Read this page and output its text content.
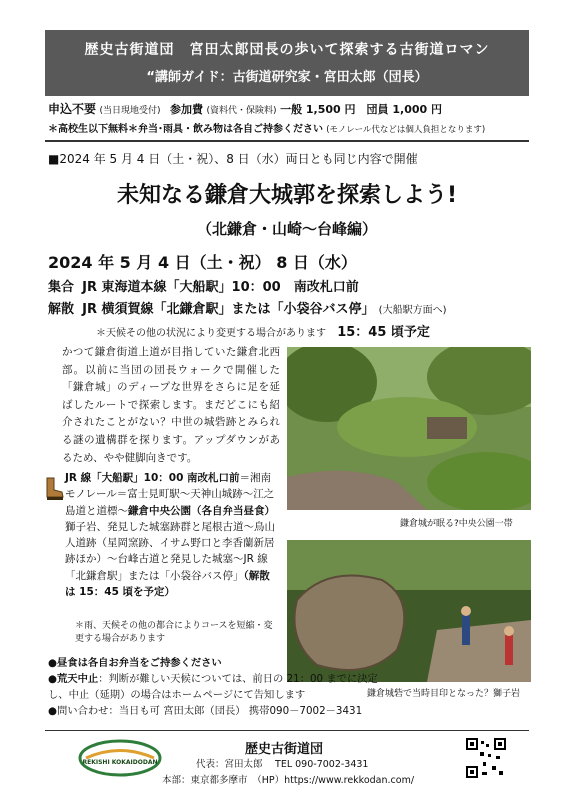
歴史古街道団　宮田太郎団長の歩いて探索する古街道ロマン
“講師ガイド：古街道研究家・宮田太郎（団長）
申込不要 (当日現地受付) 参加費 (資料代・保険料) 一般 1,500 円　団員 1,000 円
＊高校生以下無料＊弁当･雨具・飲み物は各自ご持参ください (モノレール代などは個人負担となります)
■2024 年 5 月 4 日（土・祝）、8 日（水）両日とも同じ内容で開催
未知なる鎌倉大城郭を探索しよう!
（北鎌倉・山崎～台峰編）
2024 年 5 月 4 日（土・祝） 8 日（水）
集合 JR 東海道本線「大船駅」10：00　南改札口前
解散 JR 横須賀線「北鎌倉駅」または「小袋谷バス停」 (大船駅方面へ)
＊天候その他の状況により変更する場合があります 15：45 頃予定
かつて鎌倉街道上道が目指していた鎌倉北西部。以前に当団の団長ウォークで開催した「鎌倉城」のディープな世界をさらに足を延ばしたルートで探索します。まだどこにも紹介されたことがない？中世の城砦跡とみられる謎の遺構群を探ります。アップダウンがあるため、やや健脚向きです。
JR 線「大船駅」10：00 南改札口前＝湘南モノレール＝富士見町駅～天神山城跡～江之島道と道標～鎌倉中央公園（各自弁当昼食）獅子岩、発見した城塞跡群と尾根古道～鳥山人道跡（星岡窯跡、イサム野口と李香蘭新居跡ほか）～台峰古道と発見した城塞～JR 線「北鎌倉駅」または「小袋谷バス停」（解散は 15：45 頃を予定）
＊雨、天候その他の都合によりコースを短縮・変更する場合があります
鎌倉城が眠る?中央公園一帯
鎌倉城砦で当時目印となった？獅子岩
●昼食は各自お弁当をご持参ください
●荒天中止：判断が難しい天候については、前日の 21：00 までに決定し、中止（延期）の場合はホームページにて告知します
●問い合わせ：当日も可 宮田太郎（団長） 携帯090－7002－3431
REKISHI KOKAIDODAN
歴史古街道団
代表：宮田太郎　 TEL 090-7002-3431
本部：東京都多摩市　（HP）https://www.rekkodan.com/
